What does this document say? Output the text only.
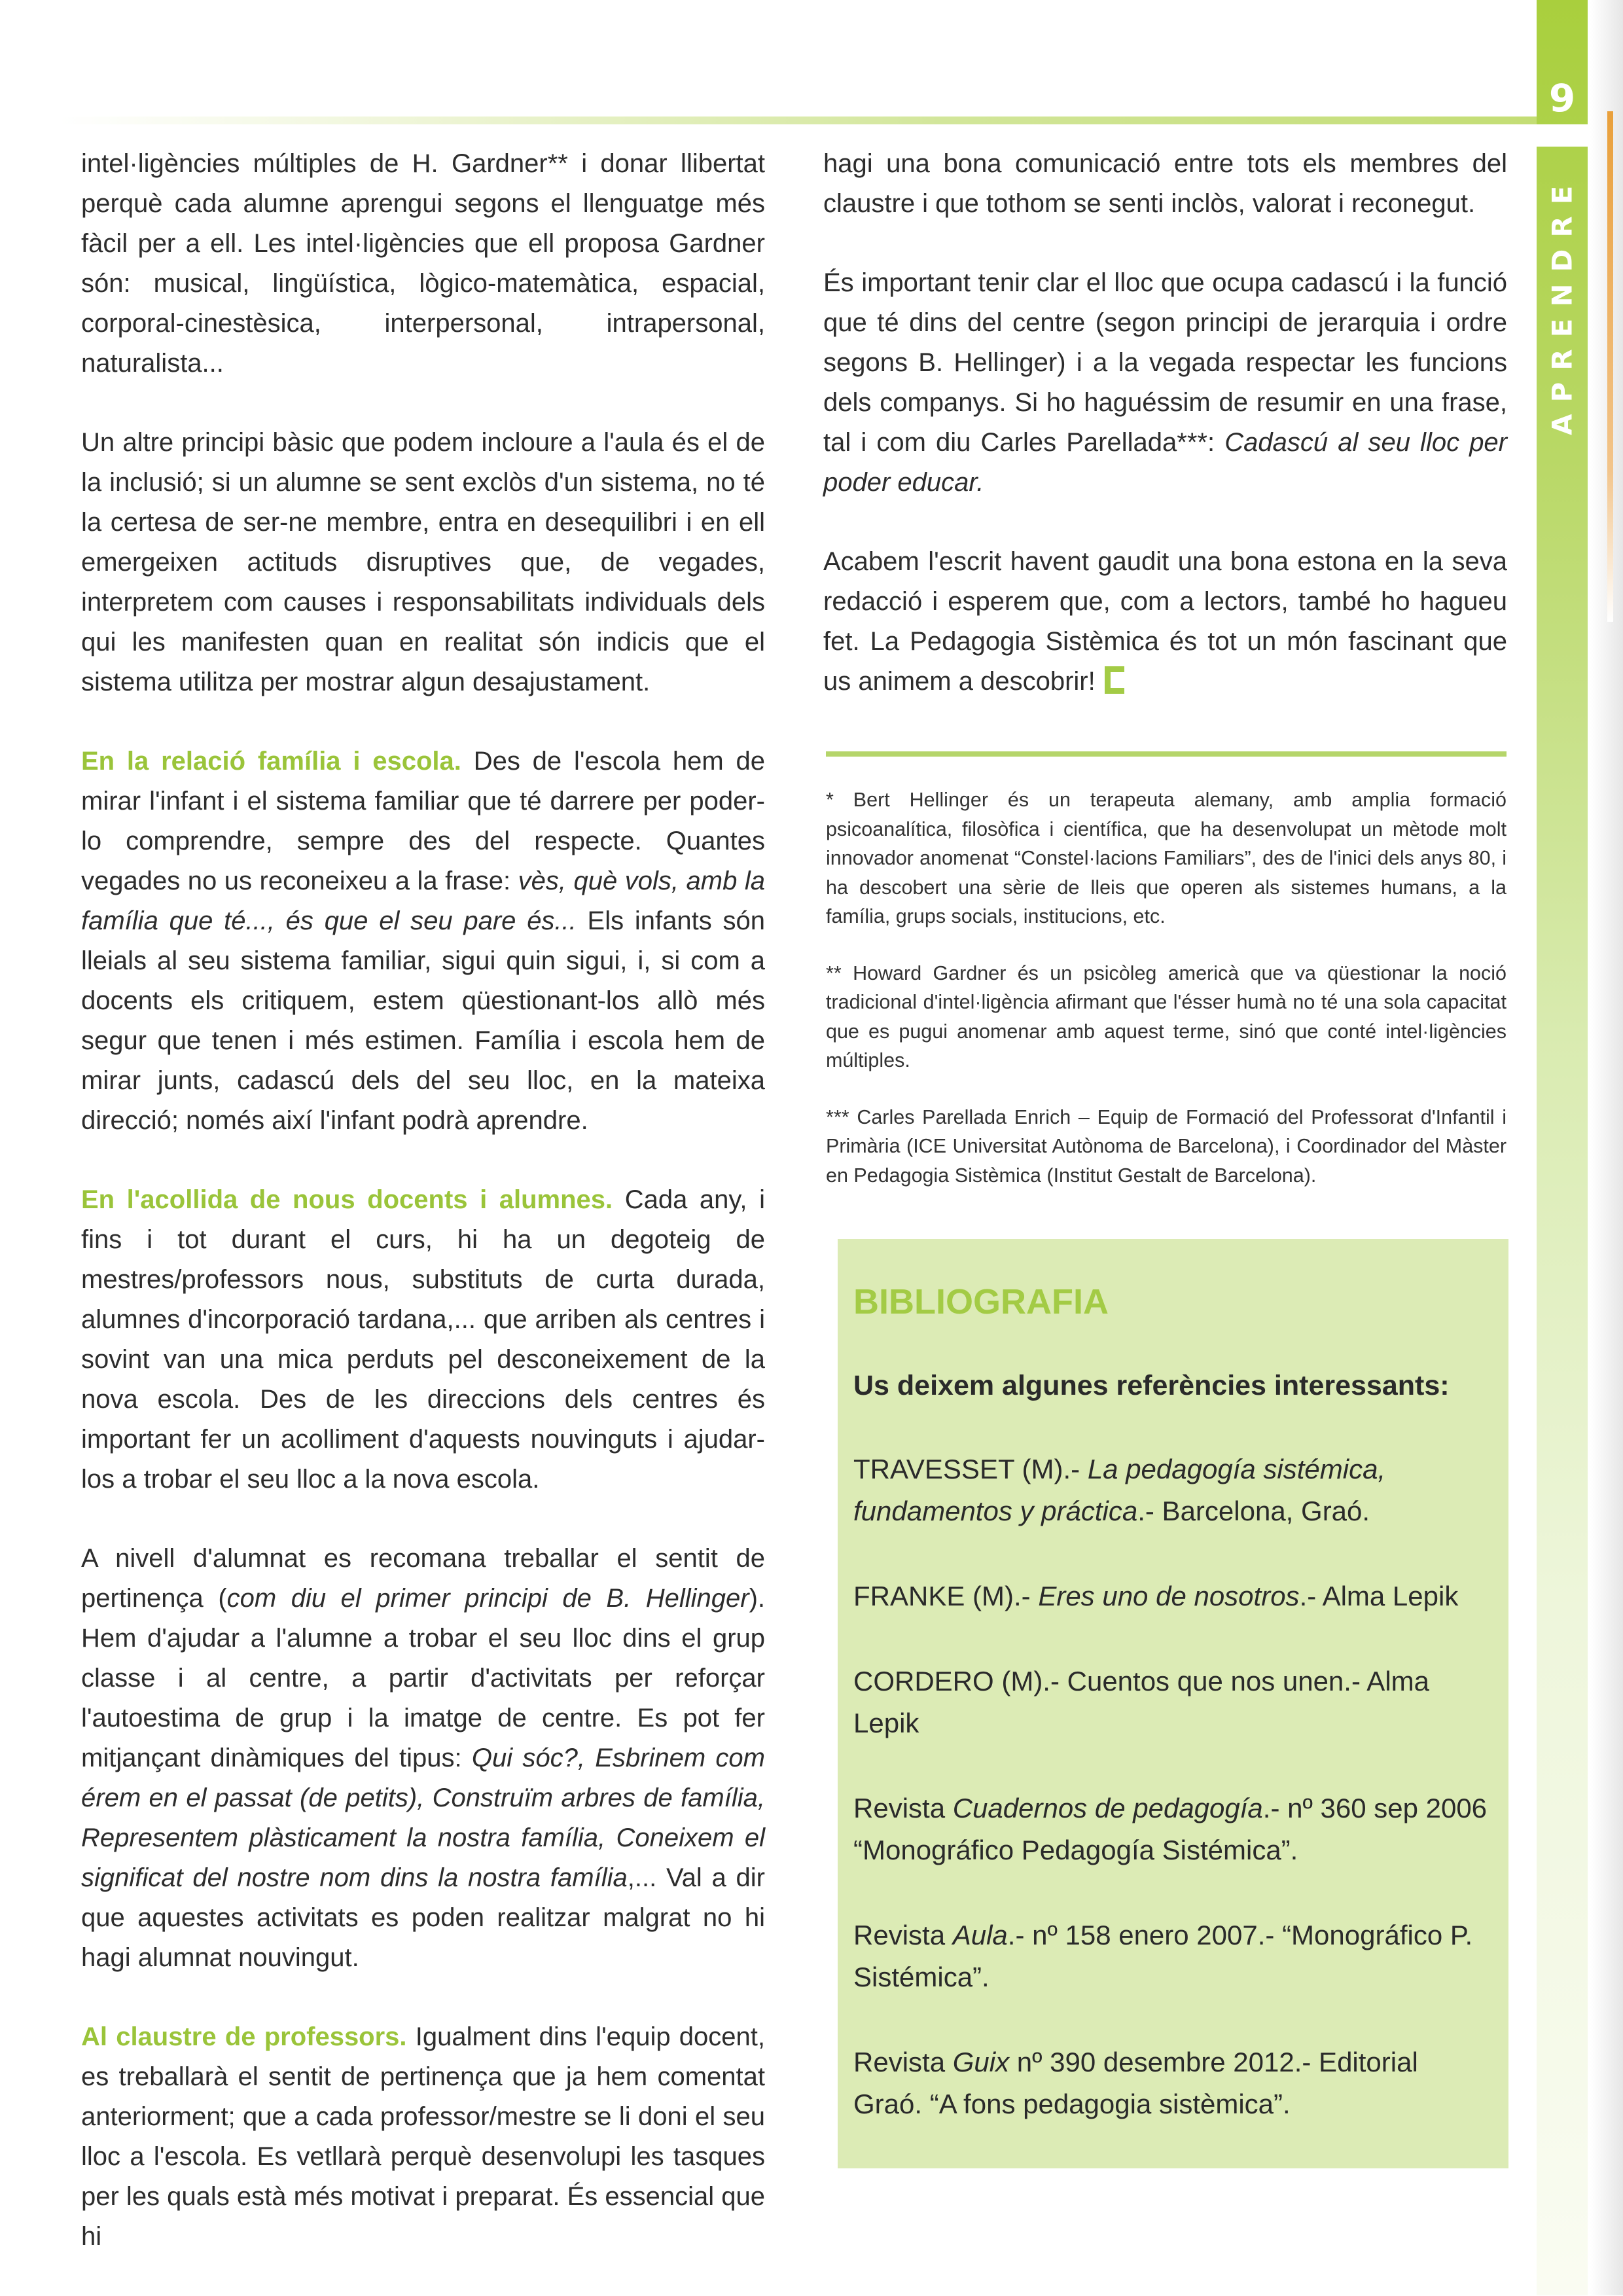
9
APRENDRE

intel·ligències múltiples de H. Gardner** i donar llibertat perquè cada alumne aprengui segons el llenguatge més fàcil per a ell. Les intel·ligències que ell proposa Gardner són: musical, lingüística, lògico-matemàtica, espacial, corporal-cinestèsica, interpersonal, intrapersonal, naturalista...

Un altre principi bàsic que podem incloure a l'aula és el de la inclusió; si un alumne se sent exclòs d'un sistema, no té la certesa de ser-ne membre, entra en desequilibri i en ell emergeixen actituds disruptives que, de vegades, interpretem com causes i responsabilitats individuals dels qui les manifesten quan en realitat són indicis que el sistema utilitza per mostrar algun desajustament.

En la relació família i escola. Des de l'escola hem de mirar l'infant i el sistema familiar que té darrere per poder-lo comprendre, sempre des del respecte. Quantes vegades no us reconeixeu a la frase: vès, què vols, amb la família que té..., és que el seu pare és... Els infants són lleials al seu sistema familiar, sigui quin sigui, i, si com a docents els critiquem, estem qüestionant-los allò més segur que tenen i més estimen. Família i escola hem de mirar junts, cadascú dels del seu lloc, en la mateixa direcció; només així l'infant podrà aprendre.

En l'acollida de nous docents i alumnes. Cada any, i fins i tot durant el curs, hi ha un degoteig de mestres/professors nous, substituts de curta durada, alumnes d'incorporació tardana,... que arriben als centres i sovint van una mica perduts pel desconeixement de la nova escola. Des de les direccions dels centres és important fer un acolliment d'aquests nouvinguts i ajudar-los a trobar el seu lloc a la nova escola.

A nivell d'alumnat es recomana treballar el sentit de pertinença (com diu el primer principi de B. Hellinger). Hem d'ajudar a l'alumne a trobar el seu lloc dins el grup classe i al centre, a partir d'activitats per reforçar l'autoestima de grup i la imatge de centre. Es pot fer mitjançant dinàmiques del tipus: Qui sóc?, Esbrinem com érem en el passat (de petits), Construïm arbres de família, Representem plàsticament la nostra família, Coneixem el significat del nostre nom dins la nostra família,... Val a dir que aquestes activitats es poden realitzar malgrat no hi hagi alumnat nouvingut.

Al claustre de professors. Igualment dins l'equip docent, es treballarà el sentit de pertinença que ja hem comentat anteriorment; que a cada professor/mestre se li doni el seu lloc a l'escola. Es vetllarà perquè desenvolupi les tasques per les quals està més motivat i preparat. És essencial que hi

hagi una bona comunicació entre tots els membres del claustre i que tothom se senti inclòs, valorat i reconegut.

És important tenir clar el lloc que ocupa cadascú i la funció que té dins del centre (segon principi de jerarquia i ordre segons B. Hellinger) i a la vegada respectar les funcions dels companys. Si ho haguéssim de resumir en una frase, tal i com diu Carles Parellada***: Cadascú al seu lloc per poder educar.

Acabem l'escrit havent gaudit una bona estona en la seva redacció i esperem que, com a lectors, també ho hagueu fet. La Pedagogia Sistèmica és tot un món fascinant que us animem a descobrir!

* Bert Hellinger és un terapeuta alemany, amb amplia formació psicoanalítica, filosòfica i científica, que ha desenvolupat un mètode molt innovador anomenat “Constel·lacions Familiars”, des de l'inici dels anys 80, i ha descobert una sèrie de lleis que operen als sistemes humans, a la família, grups socials, institucions, etc.

** Howard Gardner és un psicòleg americà que va qüestionar la noció tradicional d'intel·ligència afirmant que l'ésser humà no té una sola capacitat que es pugui anomenar amb aquest terme, sinó que conté intel·ligències múltiples.

*** Carles Parellada Enrich – Equip de Formació del Professorat d'Infantil i Primària (ICE Universitat Autònoma de Barcelona), i Coordinador del Màster en Pedagogia Sistèmica (Institut Gestalt de Barcelona).

BIBLIOGRAFIA
Us deixem algunes referències interessants:

TRAVESSET (M).- La pedagogía sistémica, fundamentos y práctica.- Barcelona, Graó.

FRANKE (M).- Eres uno de nosotros.- Alma Lepik

CORDERO (M).- Cuentos que nos unen.- Alma Lepik

Revista Cuadernos de pedagogía.- nº 360 sep 2006 “Monográfico Pedagogía Sistémica”.

Revista Aula.- nº 158 enero 2007.- “Monográfico P. Sistémica”.

Revista Guix nº 390 desembre 2012.- Editorial Graó. “A fons pedagogia sistèmica”.
